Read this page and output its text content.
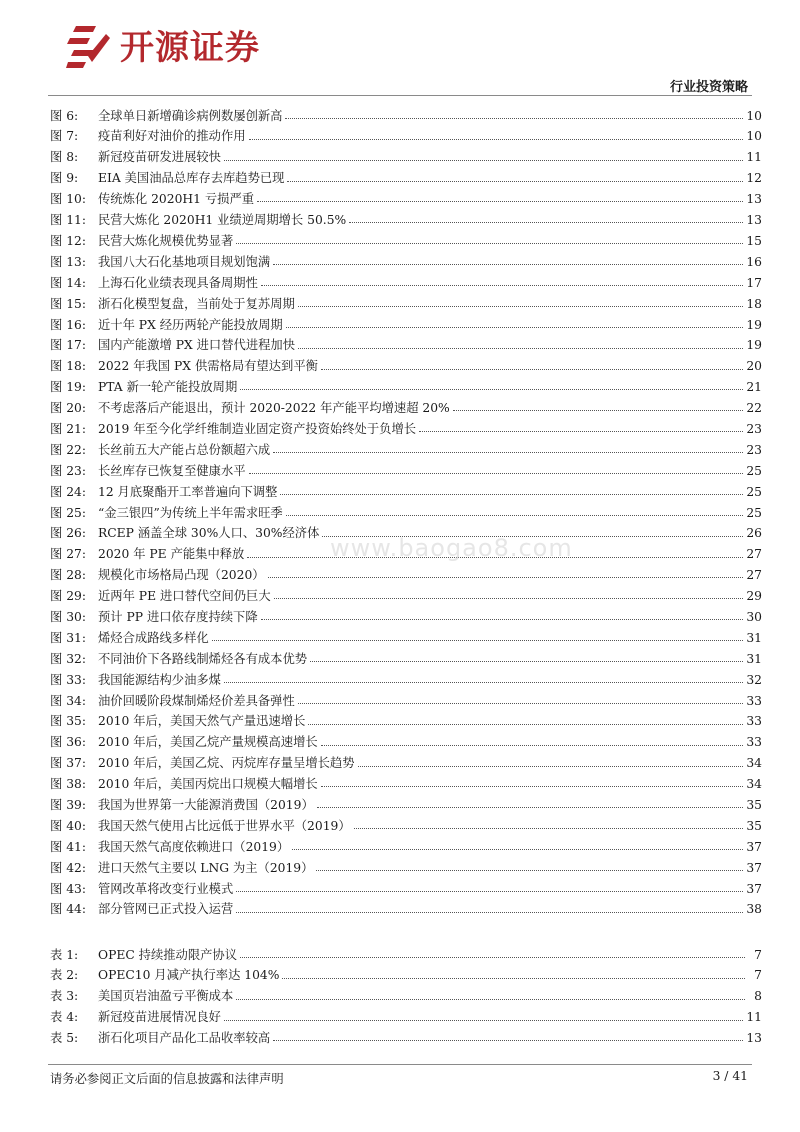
开源证券
行业投资策略
图 6:	全球单日新增确诊病例数屡创新高	10
图 7:	疫苗利好对油价的推动作用	10
图 8:	新冠疫苗研发进展较快	11
图 9:	EIA 美国油品总库存去库趋势已现	12
图 10: 传统炼化 2020H1 亏损严重	13
图 11: 民营大炼化 2020H1 业绩逆周期增长 50.5%	13
图 12: 民营大炼化规模优势显著	15
图 13: 我国八大石化基地项目规划饱满	16
图 14: 上海石化业绩表现具备周期性	17
图 15: 浙石化模型复盘，当前处于复苏周期	18
图 16: 近十年 PX 经历两轮产能投放周期	19
图 17: 国内产能激增 PX 进口替代进程加快	19
图 18: 2022 年我国 PX 供需格局有望达到平衡	20
图 19: PTA 新一轮产能投放周期	21
图 20: 不考虑落后产能退出，预计 2020-2022 年产能平均增速超 20%	22
图 21: 2019 年至今化学纤维制造业固定资产投资始终处于负增长	23
图 22: 长丝前五大产能占总份额超六成	23
图 23: 长丝库存已恢复至健康水平	25
图 24: 12 月底聚酯开工率普遍向下调整	25
图 25: “金三银四”为传统上半年需求旺季	25
图 26: RCEP 涵盖全球 30%人口、30%经济体	26
图 27: 2020 年 PE 产能集中释放	27
图 28: 规模化市场格局凸现（2020）	27
图 29: 近两年 PE 进口替代空间仍巨大	29
图 30: 预计 PP 进口依存度持续下降	30
图 31: 烯烃合成路线多样化	31
图 32: 不同油价下各路线制烯烃各有成本优势	31
图 33: 我国能源结构少油多煤	32
图 34: 油价回暖阶段煤制烯烃价差具备弹性	33
图 35: 2010 年后，美国天然气产量迅速增长	33
图 36: 2010 年后，美国乙烷产量规模高速增长	33
图 37: 2010 年后，美国乙烷、丙烷库存量呈增长趋势	34
图 38: 2010 年后，美国丙烷出口规模大幅增长	34
图 39: 我国为世界第一大能源消费国（2019）	35
图 40: 我国天然气使用占比远低于世界水平（2019）	35
图 41: 我国天然气高度依赖进口（2019）	37
图 42: 进口天然气主要以 LNG 为主（2019）	37
图 43: 管网改革将改变行业模式	37
图 44: 部分管网已正式投入运营	38
表 1:	OPEC 持续推动限产协议	7
表 2:	OPEC10 月减产执行率达 104%	7
表 3:	美国页岩油盈亏平衡成本	8
表 4:	新冠疫苗进展情况良好	11
表 5:	浙石化项目产品化工品收率较高	13
www.baogao8.com
请务必参阅正文后面的信息披露和法律声明	3 / 41
